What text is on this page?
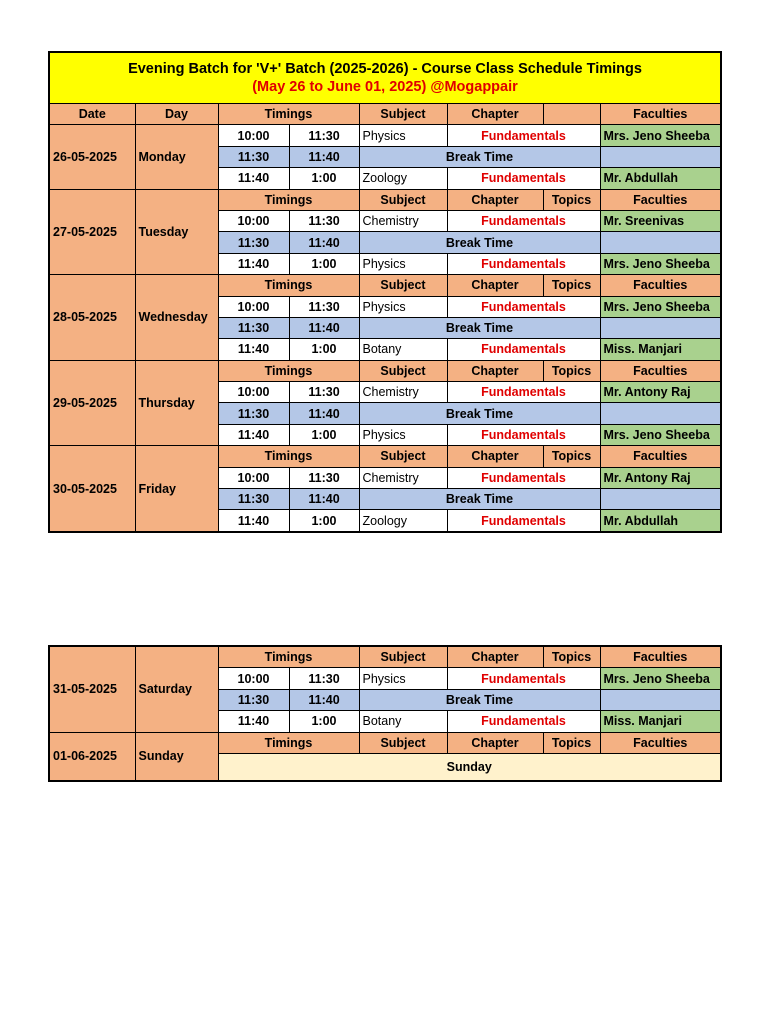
Evening Batch for 'V+' Batch (2025-2026) - Course Class Schedule Timings
(May 26 to June 01, 2025) @Mogappair							

Date	Day	Timings		Subject	Chapter		Faculties
26-05-2025	Monday	10:00	11:30	Physics	Fundamentals		Mrs. Jeno Sheeba
		11:30	11:40	Break Time			
		11:40	1:00	Zoology	Fundamentals		Mr. Abdullah
27-05-2025	Tuesday	Timings		Subject	Chapter	Topics	Faculties
		10:00	11:30	Chemistry	Fundamentals		Mr. Sreenivas
		11:30	11:40	Break Time			
		11:40	1:00	Physics	Fundamentals		Mrs. Jeno Sheeba
28-05-2025	Wednesday	Timings		Subject	Chapter	Topics	Faculties
		10:00	11:30	Physics	Fundamentals		Mrs. Jeno Sheeba
		11:30	11:40	Break Time			
		11:40	1:00	Botany	Fundamentals		Miss. Manjari
29-05-2025	Thursday	Timings		Subject	Chapter	Topics	Faculties
		10:00	11:30	Chemistry	Fundamentals		Mr. Antony Raj
		11:30	11:40	Break Time			
		11:40	1:00	Physics	Fundamentals		Mrs. Jeno Sheeba
30-05-2025	Friday	Timings		Subject	Chapter	Topics	Faculties
		10:00	11:30	Chemistry	Fundamentals		Mr. Antony Raj
		11:30	11:40	Break Time			
		11:40	1:00	Zoology	Fundamentals		Mr. Abdullah
31-05-2025	Saturday	Timings		Subject	Chapter	Topics	Faculties
		10:00	11:30	Physics	Fundamentals		Mrs. Jeno Sheeba
		11:30	11:40	Break Time			
		11:40	1:00	Botany	Fundamentals		Miss. Manjari
01-06-2025	Sunday	Timings		Subject	Chapter	Topics	Faculties
		Sunday					
